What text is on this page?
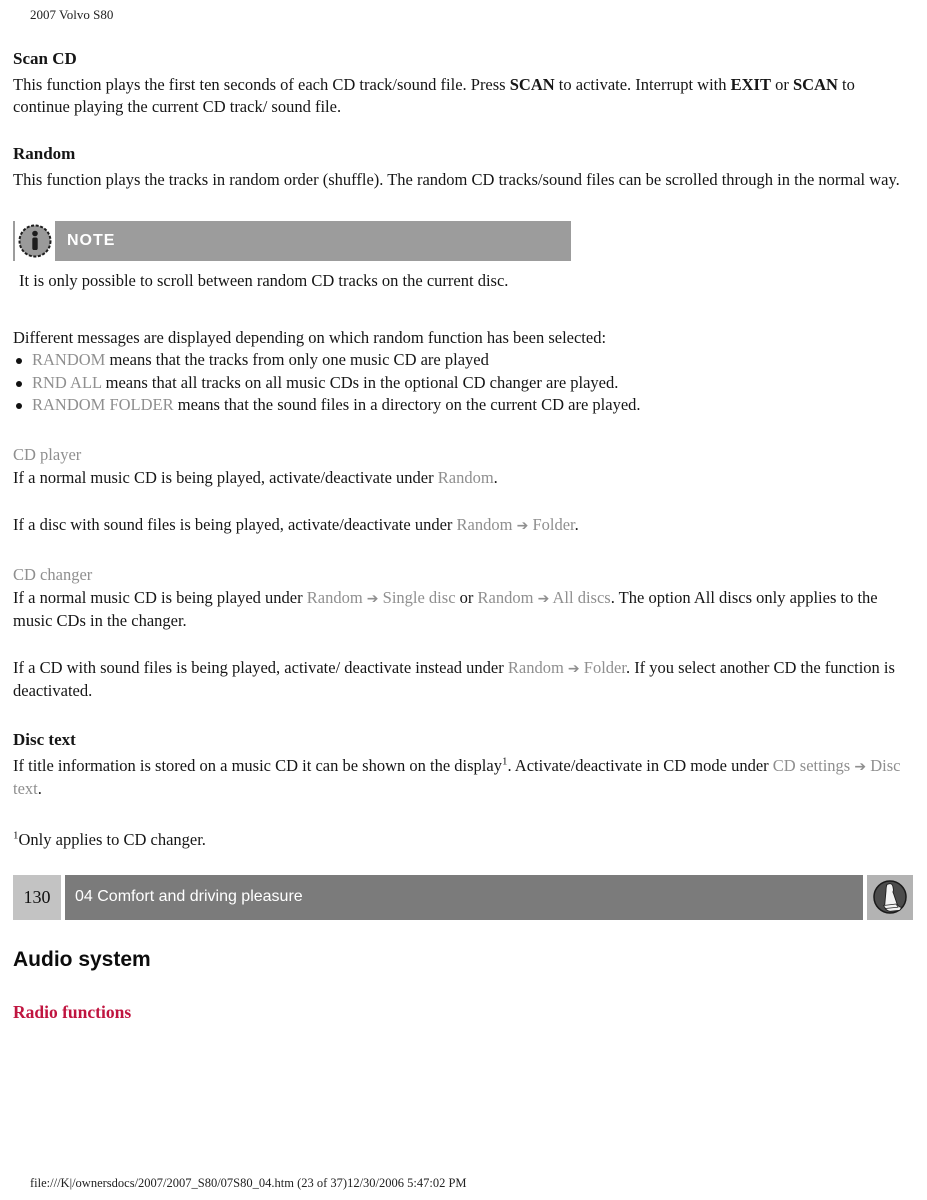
2007 Volvo S80
Scan CD

This function plays the first ten seconds of each CD track/sound file. Press SCAN to activate. Interrupt with EXIT or SCAN to continue playing the current CD track/ sound file.

Random

This function plays the tracks in random order (shuffle). The random CD tracks/sound files can be scrolled through in the normal way.

NOTE

It is only possible to scroll between random CD tracks on the current disc.

Different messages are displayed depending on which random function has been selected:

RANDOM means that the tracks from only one music CD are played
RND ALL means that all tracks on all music CDs in the optional CD changer are played.
RANDOM FOLDER means that the sound files in a directory on the current CD are played.
CD player

If a normal music CD is being played, activate/deactivate under Random.

If a disc with sound files is being played, activate/deactivate under Random ➔ Folder.

CD changer

If a normal music CD is being played under Random ➔ Single disc or Random ➔ All discs. The option All discs only applies to the music CDs in the changer.

If a CD with sound files is being played, activate/ deactivate instead under Random ➔ Folder. If you select another CD the function is deactivated.

Disc text

If title information is stored on a music CD it can be shown on the display$^1$. Activate/deactivate in CD mode under CD settings ➔ Disc text.

$^1$Only applies to CD changer.

130	04 Comfort and driving pleasure
Audio system
Radio functions
file:///K|/ownersdocs/2007/2007_S80/07S80_04.htm (23 of 37)12/30/2006 5:47:02 PM
